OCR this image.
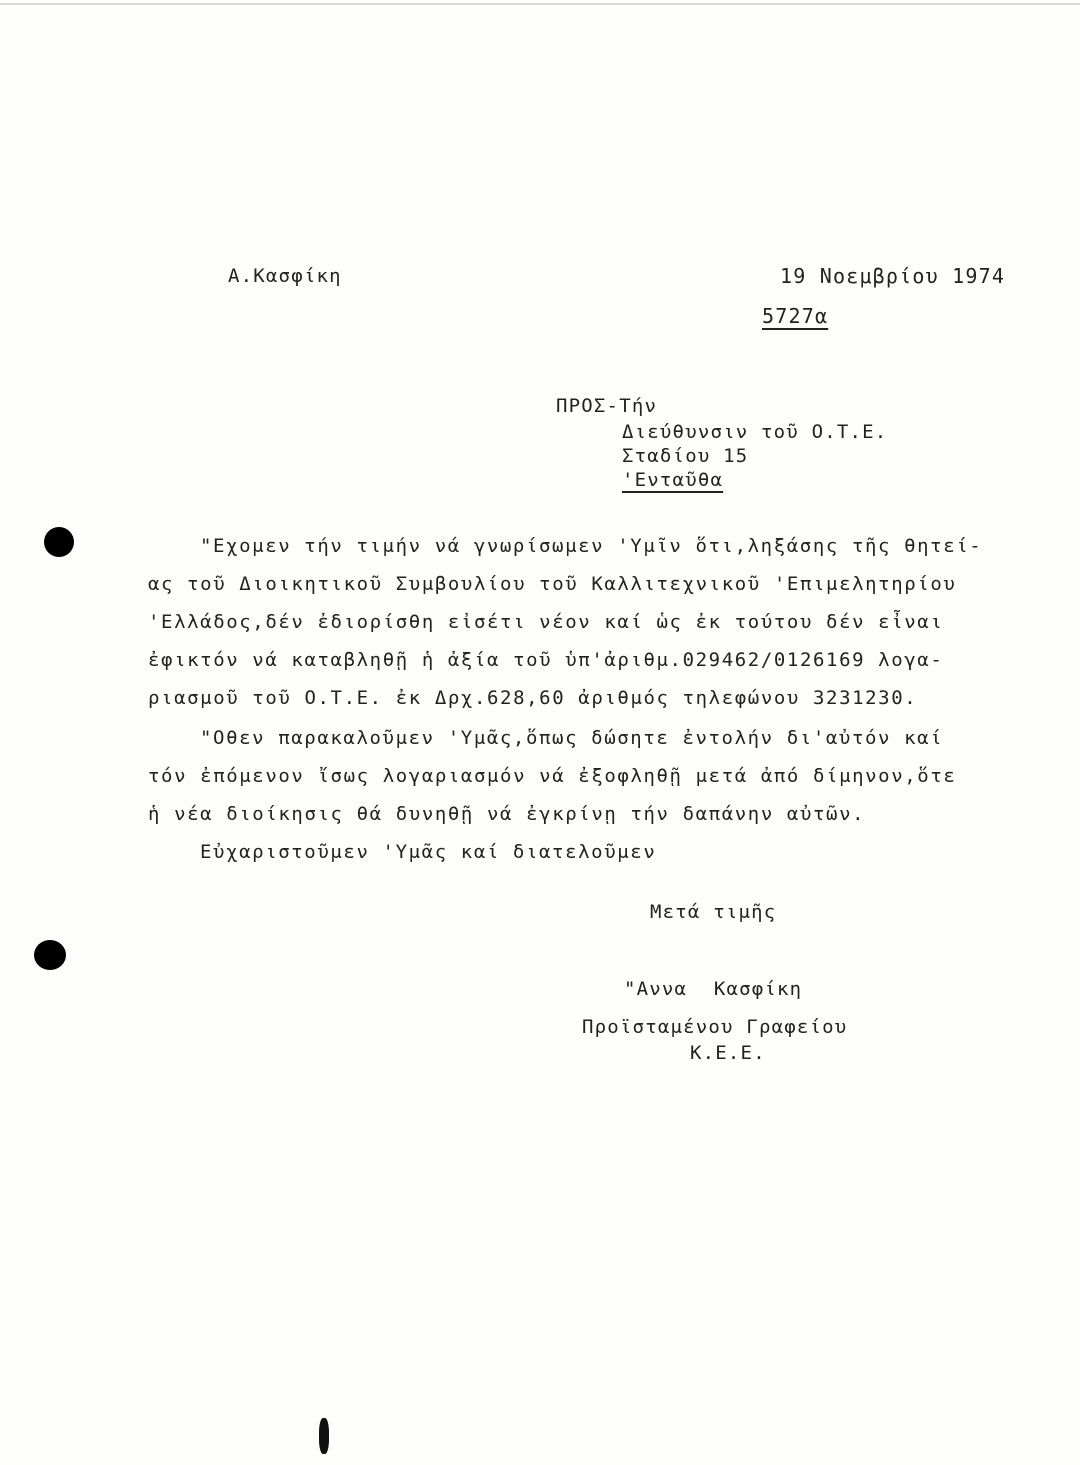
Α.Κασφίκη	19 Νοεμβρίου 1974
5727α
ΠΡΟΣ-Τήν
Διεύθυνσιν τοῦ Ο.Τ.Ε.
Σταδίου 15
'Ενταῦθα
"Εχομεν τήν τιμήν νά γνωρίσωμεν 'Υμῖν ὅτι,ληξάσης τῆς θητεί-
ας τοῦ Διοικητικοῦ Συμβουλίου τοῦ Καλλιτεχνικοῦ 'Επιμελητηρίου
'Ελλάδος,δέν ἐδιορίσθη εἰσέτι νέον καί ὡς ἐκ τούτου δέν εἶναι
ἐφικτόν νά καταβληθῇ ἡ ἀξία τοῦ ὑπ'ἀριθμ.029462/0126169 λογα-
ριασμοῦ τοῦ Ο.Τ.Ε. ἐκ Δρχ.628,60 ἀριθμός τηλεφώνου 3231230.
"Οθεν παρακαλοῦμεν 'Υμᾶς,ὅπως δώσητε ἐντολήν δι'αὐτόν καί
τόν ἐπόμενον ἴσως λογαριασμόν νά ἐξοφληθῇ μετά ἀπό δίμηνον,ὅτε
ἡ νέα διοίκησις θά δυνηθῇ νά ἐγκρίνῃ τήν δαπάνην αὐτῶν.
Εὐχαριστοῦμεν 'Υμᾶς καί διατελοῦμεν
Μετά τιμῆς
"Αννα Κασφίκη
Προϊσταμένου Γραφείου
Κ.Ε.Ε.
